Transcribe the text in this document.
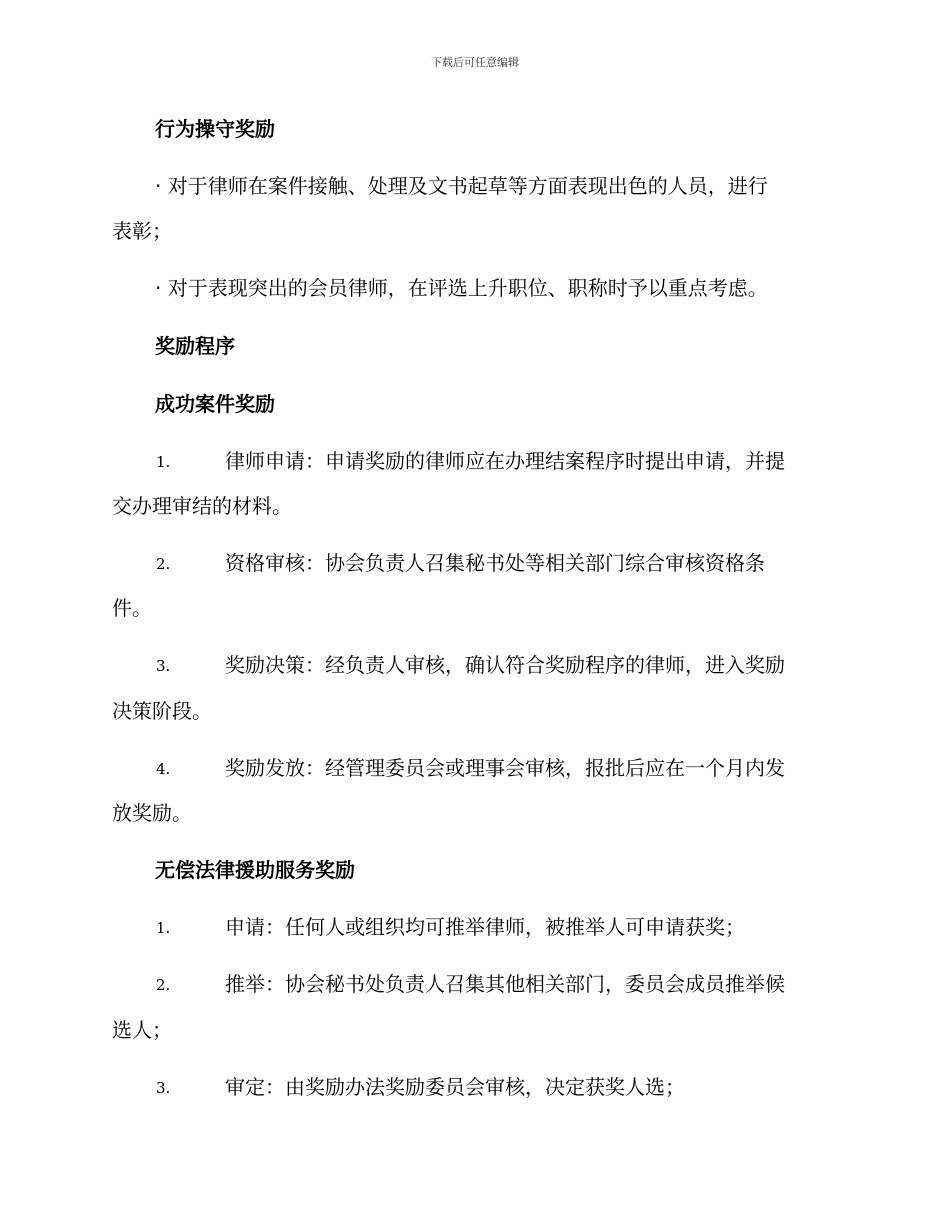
下载后可任意编辑
行为操守奖励
· 对于律师在案件接触、处理及文书起草等方面表现出色的人员，进行
表彰；
· 对于表现突出的会员律师，在评选上升职位、职称时予以重点考虑。
奖励程序
成功案件奖励
1.	律师申请：申请奖励的律师应在办理结案程序时提出申请，并提
交办理审结的材料。
2.	资格审核：协会负责人召集秘书处等相关部门综合审核资格条
件。
3.	奖励决策：经负责人审核，确认符合奖励程序的律师，进入奖励
决策阶段。
4.	奖励发放：经管理委员会或理事会审核，报批后应在一个月内发
放奖励。
无偿法律援助服务奖励
1.	申请：任何人或组织均可推举律师，被推举人可申请获奖；
2.	推举：协会秘书处负责人召集其他相关部门，委员会成员推举候
选人；
3.	审定：由奖励办法奖励委员会审核，决定获奖人选；
